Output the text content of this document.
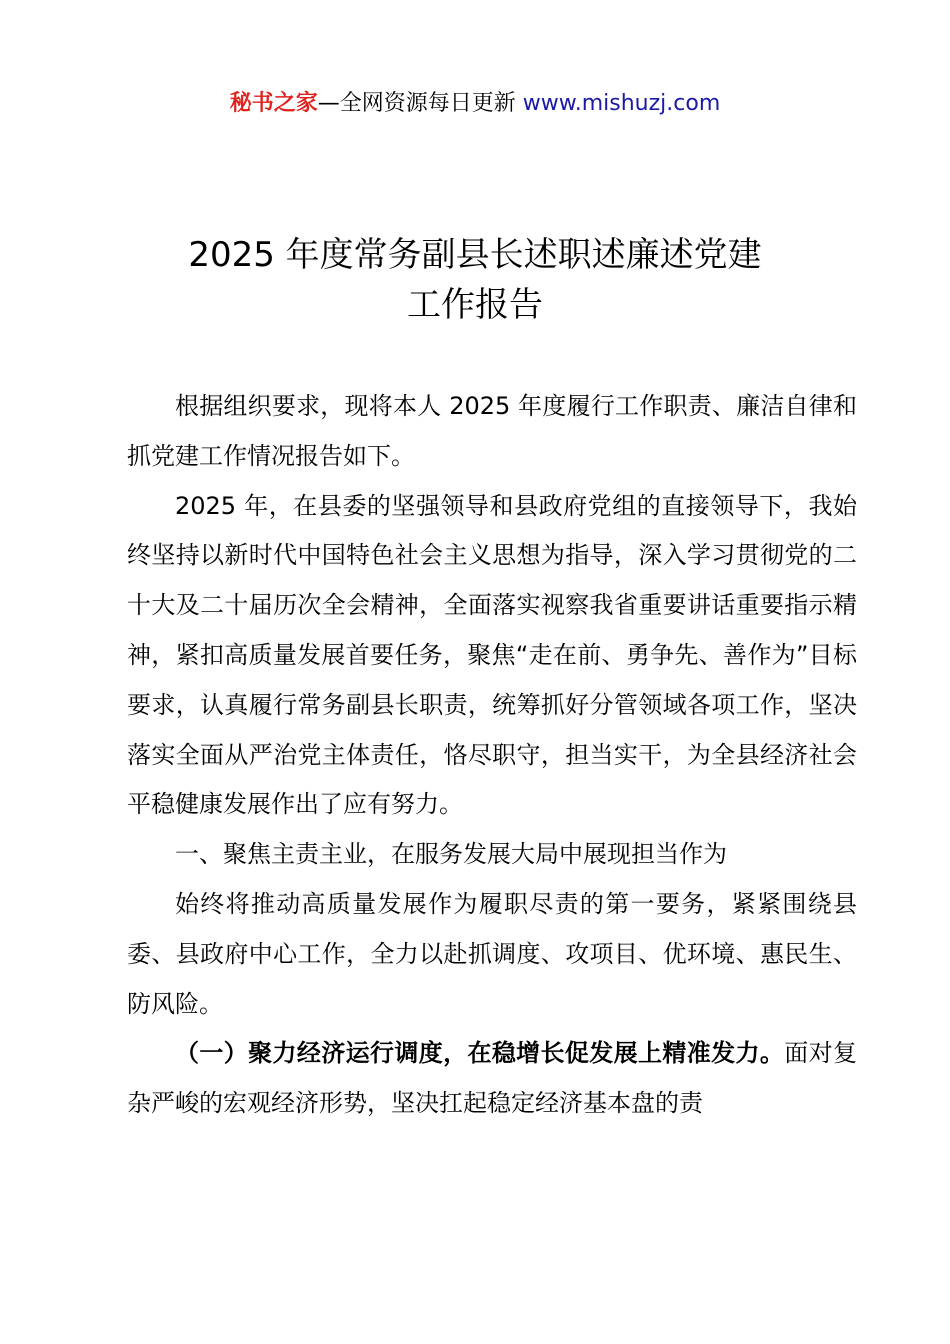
秘书之家—全网资源每日更新 www.mishuzj.com
2025 年度常务副县长述职述廉述党建
工作报告

根据组织要求，现将本人 2025 年度履行工作职责、廉洁自律和抓党建工作情况报告如下。

2025 年，在县委的坚强领导和县政府党组的直接领导下，我始终坚持以新时代中国特色社会主义思想为指导，深入学习贯彻党的二十大及二十届历次全会精神，全面落实视察我省重要讲话重要指示精神，紧扣高质量发展首要任务，聚焦“走在前、勇争先、善作为”目标要求，认真履行常务副县长职责，统筹抓好分管领域各项工作，坚决落实全面从严治党主体责任，恪尽职守，担当实干，为全县经济社会平稳健康发展作出了应有努力。

一、聚焦主责主业，在服务发展大局中展现担当作为

始终将推动高质量发展作为履职尽责的第一要务，紧紧围绕县委、县政府中心工作，全力以赴抓调度、攻项目、优环境、惠民生、防风险。

（一）聚力经济运行调度，在稳增长促发展上精准发力。面对复杂严峻的宏观经济形势，坚决扛起稳定经济基本盘的责
